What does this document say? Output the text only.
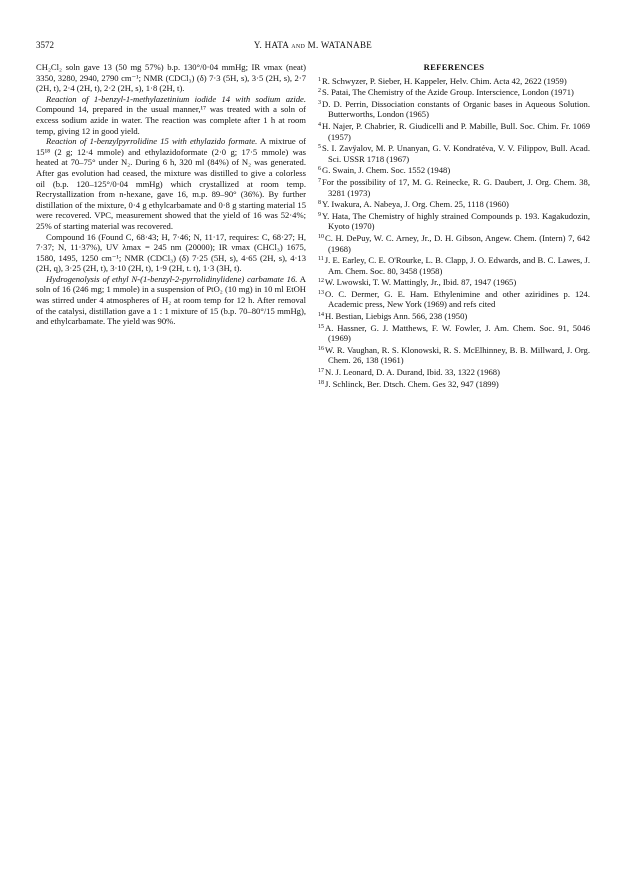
3572	Y. HATA and M. WATANABE

CH₂Cl₂ soln gave 13 (50 mg 57%) b.p. 130°/0·04 mmHg; IR νmax (neat) 3350, 3280, 2940, 2790 cm⁻¹; NMR (CDCl₃) (δ) 7·3 (5H, s), 3·5 (2H, s), 2·7 (2H, t), 2·4 (2H, t), 2·2 (2H, s), 1·8 (2H, t).

Reaction of 1-benzyl-1-methylazetinium iodide 14 with sodium azide. Compound 14, prepared in the usual manner,¹⁷ was treated with a soln of excess sodium azide in water. The reaction was complete after 1 h at room temp, giving 12 in good yield.

Reaction of 1-benzylpyrrolidine 15 with ethylazido formate. A mixtrue of 15¹⁸ (2 g; 12·4 mmole) and ethylazidoformate (2·0 g; 17·5 mmole) was heated at 70–75° under N₂. During 6 h, 320 ml (84%) of N₂ was generated. After gas evolution had ceased, the mixture was distilled to give a colorless oil (b.p. 120–125°/0·04 mmHg) which crystallized at room temp. Recrystallization from n-hexane, gave 16, m.p. 89–90° (36%). By further distillation of the mixture, 0·4 g ethylcarbamate and 0·8 g starting material 15 were recovered. VPC, measurement showed that the yield of 16 was 52·4%; 25% of starting material was recovered.

Compound 16 (Found C, 68·43; H, 7·46; N, 11·17, requires: C, 68·27; H, 7·37; N, 11·37%), UV λmax = 245 nm (20000); IR νmax (CHCl₃) 1675, 1580, 1495, 1250 cm⁻¹; NMR (CDCl₃) (δ) 7·25 (5H, s), 4·65 (2H, s), 4·13 (2H, q), 3·25 (2H, t), 3·10 (2H, t), 1·9 (2H, t. t), 1·3 (3H, t).

Hydrogenolysis of ethyl N-(1-benzyl-2-pyrrolidinylidene) carbamate 16. A soln of 16 (246 mg; 1 mmole) in a suspension of PtO₂ (10 mg) in 10 ml EtOH was stirred under 4 atmospheres of H₂ at room temp for 12 h. After removal of the catalysi, distillation gave a 1 : 1 mixture of 15 (b.p. 70–80°/15 mmHg), and ethylcarbamate. The yield was 90%.

REFERENCES

$^1$R. Schwyzer, P. Sieber, H. Kappeler, Helv. Chim. Acta 42, 2622 (1959)

$^2$S. Patai, The Chemistry of the Azide Group. Interscience, London (1971)

$^3$D. D. Perrin, Dissociation constants of Organic bases in Aqueous Solution. Butterworths, London (1965)

$^4$H. Najer, P. Chabrier, R. Giudicelli and P. Mabille, Bull. Soc. Chim. Fr. 1069 (1957)

$^5$S. I. Zavÿalov, M. P. Unanyan, G. V. Kondratéva, V. V. Filippov, Bull. Acad. Sci. USSR 1718 (1967)

$^6$G. Swain, J. Chem. Soc. 1552 (1948)

$^7$For the possibility of 17, M. G. Reinecke, R. G. Daubert, J. Org. Chem. 38, 3281 (1973)

$^8$Y. Iwakura, A. Nabeya, J. Org. Chem. 25, 1118 (1960)

$^9$Y. Hata, The Chemistry of highly strained Compounds p. 193. Kagakudozin, Kyoto (1970)

$^{10}$C. H. DePuy, W. C. Arney, Jr., D. H. Gibson, Angew. Chem. (Intern) 7, 642 (1968)

$^{11}$J. E. Earley, C. E. O'Rourke, L. B. Clapp, J. O. Edwards, and B. C. Lawes, J. Am. Chem. Soc. 80, 3458 (1958)

$^{12}$W. Lwowski, T. W. Mattingly, Jr., Ibid. 87, 1947 (1965)

$^{13}$O. C. Dermer, G. E. Ham. Ethylenimine and other aziridines p. 124. Academic press, New York (1969) and refs cited

$^{14}$H. Bestian, Liebigs Ann. 566, 238 (1950)

$^{15}$A. Hassner, G. J. Matthews, F. W. Fowler, J. Am. Chem. Soc. 91, 5046 (1969)

$^{16}$W. R. Vaughan, R. S. Klonowski, R. S. McElhinney, B. B. Millward, J. Org. Chem. 26, 138 (1961)

$^{17}$N. J. Leonard, D. A. Durand, Ibid. 33, 1322 (1968)

$^{18}$J. Schlinck, Ber. Dtsch. Chem. Ges 32, 947 (1899)
